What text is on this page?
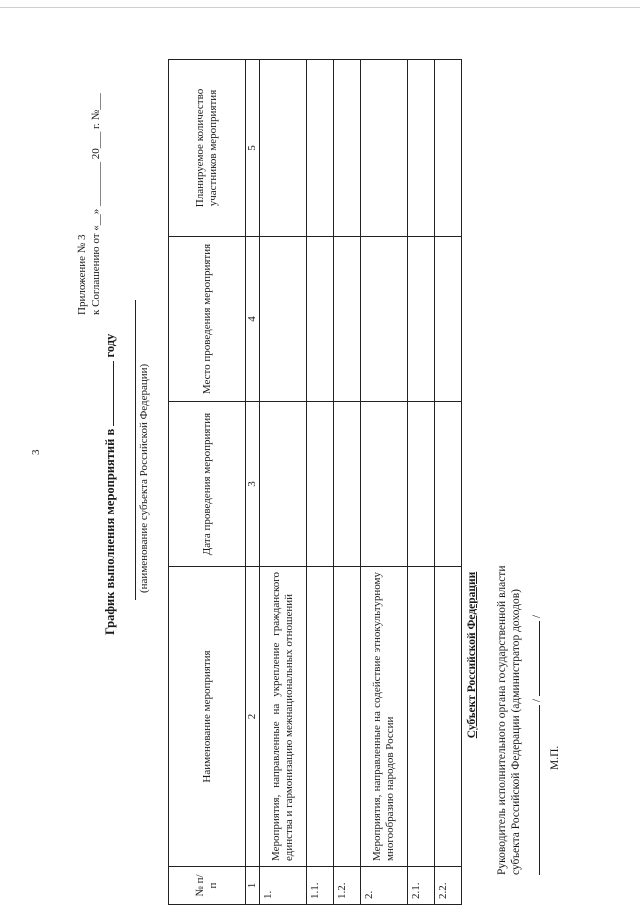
3
Приложение № 3 к Соглашению от «__» ________ 20___ г. №___
График выполнения мероприятий в  году
(наименование субъекта Российской Федерации)
№ п/п	Наименование мероприятия	Дата проведения мероприятия	Место проведения мероприятия	Планируемое количество участников мероприятия
1	2	3	4	5
1.	Мероприятия, направленные на укрепление гражданского единства и гармонизацию межнациональных отношений			
1.1.				
1.2.				
2.	Мероприятия, направленные на содействие этнокультурному многообразию народов России			
2.1.				
2.2.				
Субъект Российской Федерации Руководитель исполнительного органа государственной власти субъекта Российской Федерации (администратор доходов) /  /
М.П.
